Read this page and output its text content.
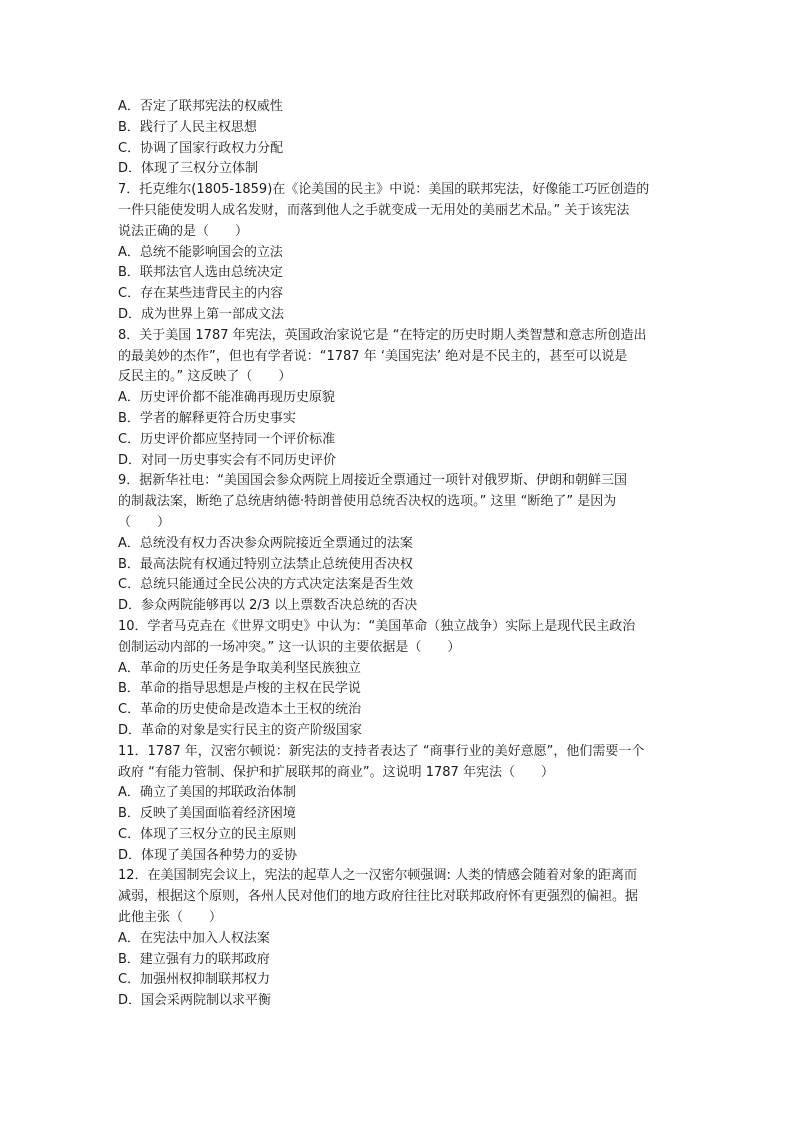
A．否定了联邦宪法的权威性
B．践行了人民主权思想
C．协调了国家行政权力分配
D．体现了三权分立体制
7．托克维尔(1805-1859)在《论美国的民主》中说：美国的联邦宪法，好像能工巧匠创造的
一件只能使发明人成名发财，而落到他人之手就变成一无用处的美丽艺术品。” 关于该宪法
说法正确的是（　　）
A．总统不能影响国会的立法
B．联邦法官人选由总统决定
C．存在某些违背民主的内容
D．成为世界上第一部成文法
8．关于美国 1787 年宪法，英国政治家说它是 “在特定的历史时期人类智慧和意志所创造出
的最美妙的杰作”，但也有学者说：“1787 年 ‘美国宪法’ 绝对是不民主的，甚至可以说是
反民主的。” 这反映了（　　）
A．历史评价都不能准确再现历史原貌
B．学者的解释更符合历史事实
C．历史评价都应坚持同一个评价标准
D．对同一历史事实会有不同历史评价
9．据新华社电：“美国国会参众两院上周接近全票通过一项针对俄罗斯、伊朗和朝鲜三国
的制裁法案，断绝了总统唐纳德·特朗普使用总统否决权的选项。” 这里 “断绝了” 是因为
（　　）
A．总统没有权力否决参众两院接近全票通过的法案
B．最高法院有权通过特别立法禁止总统使用否决权
C．总统只能通过全民公决的方式决定法案是否生效
D．参众两院能够再以 2/3 以上票数否决总统的否决
10．学者马克垚在《世界文明史》中认为：“美国革命（独立战争）实际上是现代民主政治
创制运动内部的一场冲突。” 这一认识的主要依据是（　　）
A．革命的历史任务是争取美利坚民族独立
B．革命的指导思想是卢梭的主权在民学说
C．革命的历史使命是改造本土王权的统治
D．革命的对象是实行民主的资产阶级国家
11．1787 年，汉密尔顿说：新宪法的支持者表达了 “商事行业的美好意愿”，他们需要一个
政府 “有能力管制、保护和扩展联邦的商业”。这说明 1787 年宪法（　　）
A．确立了美国的邦联政治体制
B．反映了美国面临着经济困境
C．体现了三权分立的民主原则
D．体现了美国各种势力的妥协
12．在美国制宪会议上，宪法的起草人之一汉密尔顿强调: 人类的情感会随着对象的距离而
减弱，根据这个原则，各州人民对他们的地方政府往往比对联邦政府怀有更强烈的偏袒。据
此他主张（　　）
A．在宪法中加入人权法案
B．建立强有力的联邦政府
C．加强州权抑制联邦权力
D．国会采两院制以求平衡
